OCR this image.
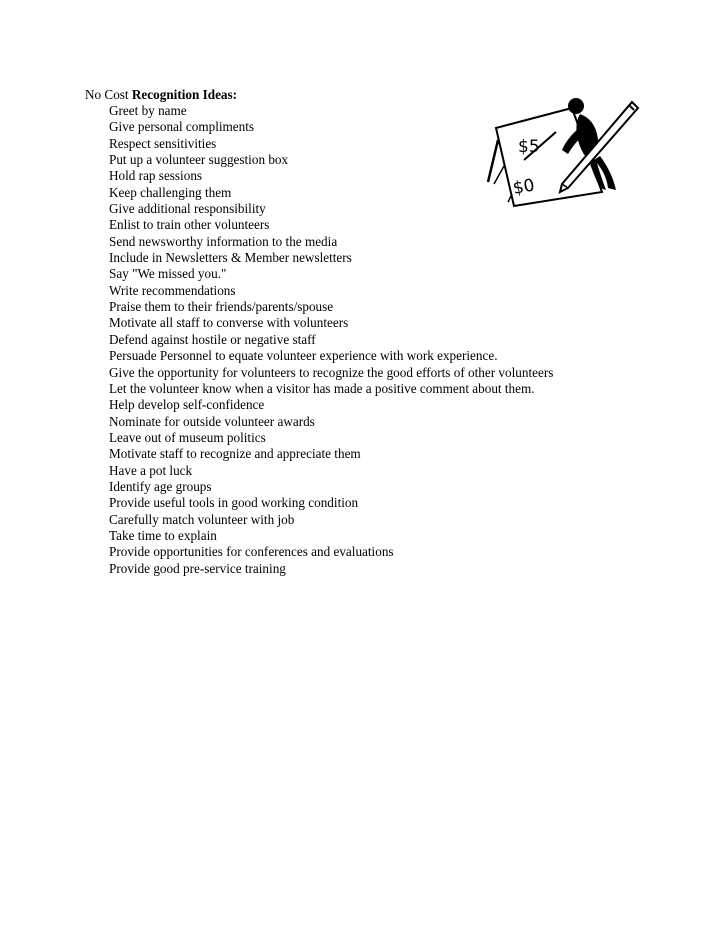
No Cost Recognition Ideas:
Greet by name
Give personal compliments
Respect sensitivities
Put up a volunteer suggestion box
Hold rap sessions
Keep challenging them
Give additional responsibility
Enlist to train other volunteers
Send newsworthy information to the media
Include in Newsletters & Member newsletters
Say "We missed you."
Write recommendations
Praise them to their friends/parents/spouse
Motivate all staff to converse with volunteers
Defend against hostile or negative staff
Persuade Personnel to equate volunteer experience with work experience.
Give the opportunity for volunteers to recognize the good efforts of other volunteers
Let the volunteer know when a visitor has made a positive comment about them.
Help develop self-confidence
Nominate for outside volunteer awards
Leave out of museum politics
Motivate staff to recognize and appreciate them
Have a pot luck
Identify age groups
Provide useful tools in good working condition
Carefully match volunteer with job
Take time to explain
Provide opportunities for conferences and evaluations
Provide good pre-service training
$5
$0
